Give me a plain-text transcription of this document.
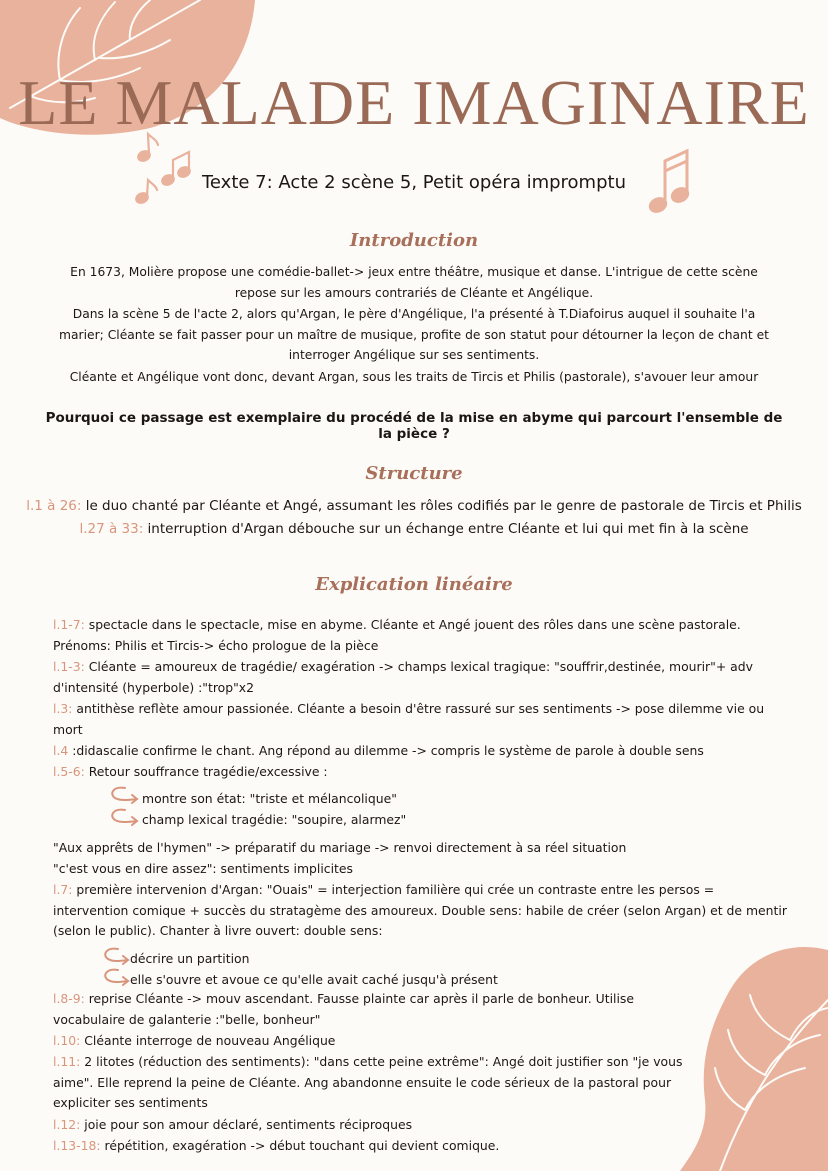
LE MALADE IMAGINAIRE

Texte 7: Acte 2 scène 5, Petit opéra impromptu

Introduction

En 1673, Molière propose une comédie-ballet-> jeux entre théâtre, musique et danse. L'intrigue de cette scène repose sur les amours contrariés de Cléante et Angélique.

Dans la scène 5 de l'acte 2, alors qu'Argan, le père d'Angélique, l'a présenté à T.Diafoirus auquel il souhaite l'a marier; Cléante se fait passer pour un maître de musique, profite de son statut pour détourner la leçon de chant et interroger Angélique sur ses sentiments.

Cléante et Angélique vont donc, devant Argan, sous les traits de Tircis et Philis (pastorale), s'avouer leur amour

Pourquoi ce passage est exemplaire du procédé de la mise en abyme qui parcourt l'ensemble de la pièce ?

Structure

l.1 à 26: le duo chanté par Cléante et Angé, assumant les rôles codifiés par le genre de pastorale de Tircis et Philis

l.27 à 33: interruption d'Argan débouche sur un échange entre Cléante et lui qui met fin à la scène

Explication linéaire

l.1-7: spectacle dans le spectacle, mise en abyme. Cléante et Angé jouent des rôles dans une scène pastorale.

Prénoms: Philis et Tircis-> écho prologue de la pièce

l.1-3: Cléante = amoureux de tragédie/ exagération -> champs lexical tragique: "souffrir,destinée, mourir"+ adv d'intensité (hyperbole) :"trop"x2

l.3: antithèse reflète amour passionée. Cléante a besoin d'être rassuré sur ses sentiments -> pose dilemme vie ou mort

l.4 :didascalie confirme le chant. Ang répond au dilemme -> compris le système de parole à double sens

l.5-6: Retour souffrance tragédie/excessive :

montre son état: "triste et mélancolique"

champ lexical tragédie: "soupire, alarmez"

"Aux apprêts de l'hymen" -> préparatif du mariage -> renvoi directement à sa réel situation

"c'est vous en dire assez": sentiments implicites

l.7: première intervenion d'Argan: "Ouais" = interjection familière qui crée un contraste entre les persos = intervention comique + succès du stratagème des amoureux. Double sens: habile de créer (selon Argan) et de mentir (selon le public). Chanter à livre ouvert: double sens:

décrire un partition

elle s'ouvre et avoue ce qu'elle avait caché jusqu'à présent

l.8-9: reprise Cléante -> mouv ascendant. Fausse plainte car après il parle de bonheur. Utilise vocabulaire de galanterie :"belle, bonheur"

l.10: Cléante interroge de nouveau Angélique

l.11: 2 litotes (réduction des sentiments): "dans cette peine extrême": Angé doit justifier son "je vous aime". Elle reprend la peine de Cléante. Ang abandonne ensuite le code sérieux de la pastoral pour expliciter ses sentiments

l.12: joie pour son amour déclaré, sentiments réciproques

l.13-18: répétition, exagération -> début touchant qui devient comique.
